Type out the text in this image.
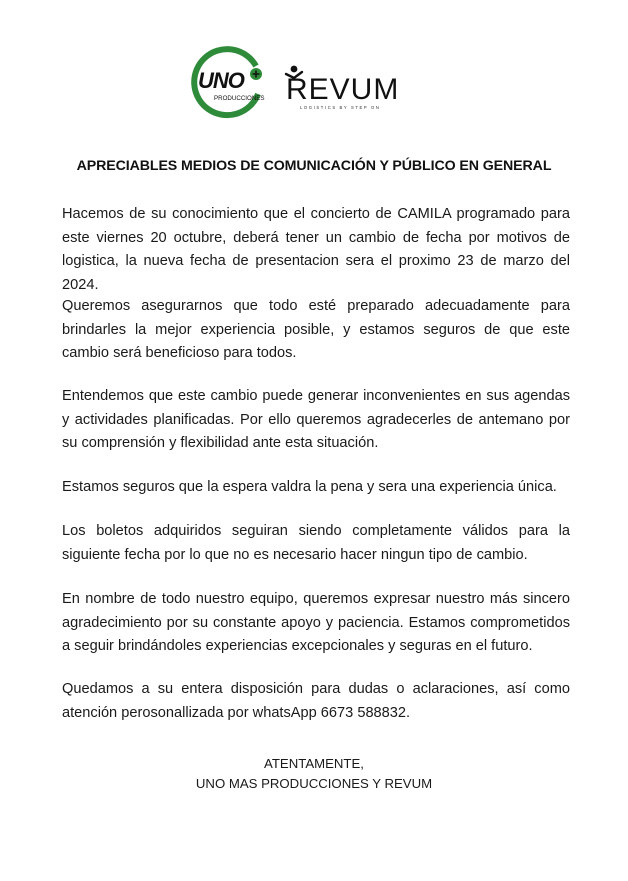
UNO
PRODUCCIONES REVUM
LOGISTICS BY STEP ON
APRECIABLES MEDIOS DE COMUNICACIÓN Y PÚBLICO EN GENERAL

Hacemos de su conocimiento que el concierto de CAMILA programado para este viernes 20 octubre, deberá tener un cambio de fecha por motivos de logistica, la nueva fecha de presentacion sera el proximo 23 de marzo del 2024.

Queremos asegurarnos que todo esté preparado adecuadamente para brindarles la mejor experiencia posible, y estamos seguros de que este cambio será beneficioso para todos.

Entendemos que este cambio puede generar inconvenientes en sus agendas y actividades planificadas. Por ello queremos agradecerles de antemano por su comprensión y flexibilidad ante esta situación.

Estamos seguros que la espera valdra la pena y sera una experiencia única.

Los boletos adquiridos seguiran siendo completamente válidos para la siguiente fecha por lo que no es necesario hacer ningun tipo de cambio.

En nombre de todo nuestro equipo, queremos expresar nuestro más sincero agradecimiento por su constante apoyo y paciencia. Estamos comprometidos a seguir brindándoles experiencias excepcionales y seguras en el futuro.

Quedamos a su entera disposición para dudas o aclaraciones, así como atención perosonallizada por whatsApp 6673 588832.

ATENTAMENTE,
UNO MAS PRODUCCIONES Y REVUM
